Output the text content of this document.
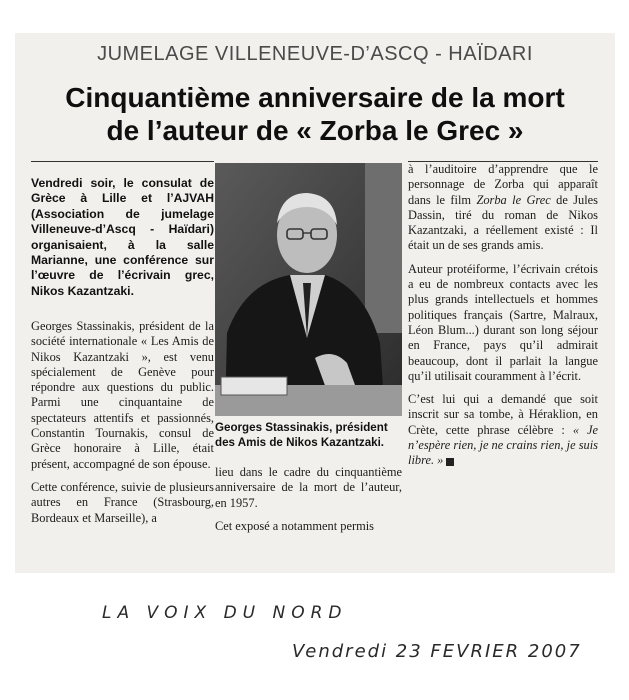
JUMELAGE VILLENEUVE-D’ASCQ - HAÏDARI
Cinquantième anniversaire de la mort
de l’auteur de « Zorba le Grec »
Vendredi soir, le consulat de Grèce à Lille et l’AJVAH (Association de jumelage Villeneuve-d’Ascq - Haïdari) organisaient, à la salle Marianne, une conférence sur l’œuvre de l’écrivain grec, Nikos Kazantzaki.

Georges Stassinakis, président de la société internationale « Les Amis de Nikos Kazantzaki », est venu spécialement de Genève pour répondre aux questions du public. Parmi une cinquantaine de spectateurs attentifs et passionnés, Constantin Tournakis, consul de Grèce honoraire à Lille, était présent, accompagné de son épouse.

Cette conférence, suivie de plusieurs autres en France (Strasbourg, Bordeaux et Marseille), a

Georges Stassinakis, président des Amis de Nikos Kazantzaki.

lieu dans le cadre du cinquantième anniversaire de la mort de l’auteur, en 1957.

Cet exposé a notamment permis

à l’auditoire d’apprendre que le personnage de Zorba qui apparaît dans le film Zorba le Grec de Jules Dassin, tiré du roman de Nikos Kazantzaki, a réellement existé : Il était un de ses grands amis.

Auteur protéiforme, l’écrivain crétois a eu de nombreux contacts avec les plus grands intellectuels et hommes politiques français (Sartre, Malraux, Léon Blum...) durant son long séjour en France, pays qu’il admirait beaucoup, dont il parlait la langue qu’il utilisait couramment à l’écrit.

C’est lui qui a demandé que soit inscrit sur sa tombe, à Héraklion, en Crète, cette phrase célèbre : « Je n’espère rien, je ne crains rien, je suis libre. »

LA VOIX DU NORD
Vendredi 23 FEVRIER 2007
